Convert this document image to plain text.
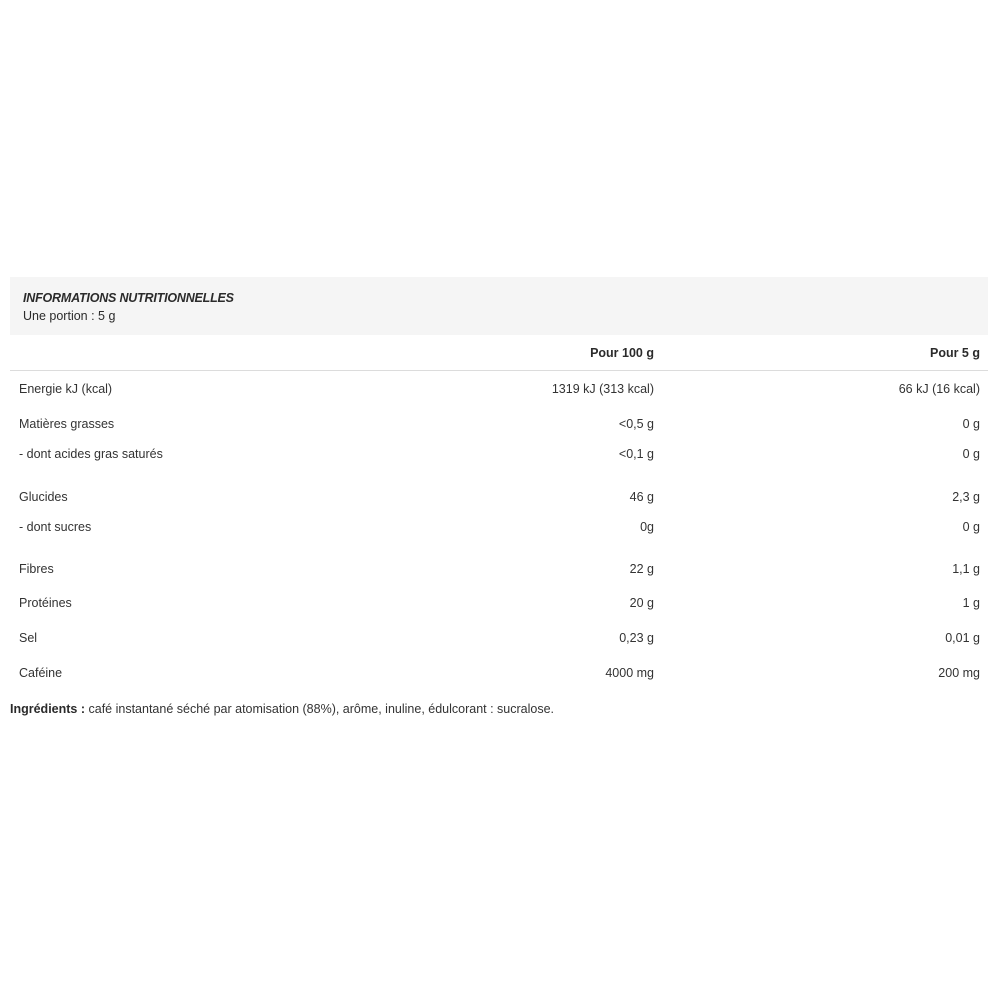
INFORMATIONS NUTRITIONNELLES
Une portion : 5 g
Pour 100 g	Pour 5 g
Energie kJ (kcal)	1319 kJ (313 kcal)	66 kJ (16 kcal)
Matières grasses	<0,5 g	0 g
- dont acides gras saturés	<0,1 g	0 g
Glucides	46 g	2,3 g
- dont sucres	0g	0 g
Fibres	22 g	1,1 g
Protéines	20 g	1 g
Sel	0,23 g	0,01 g
Caféine	4000 mg	200 mg
Ingrédients : café instantané séché par atomisation (88%), arôme, inuline, édulcorant : sucralose.
